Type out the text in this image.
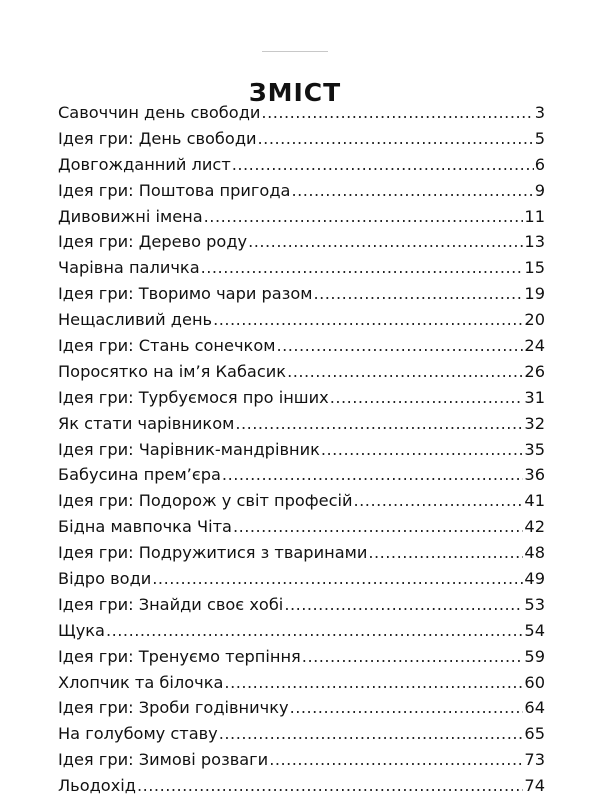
ЗМІСТ
Савоччин день свободи .....	3
Ідея гри: День свободи .....	5
Довгожданний лист .....	6
Ідея гри: Поштова пригода .....	9
Дивовижні імена .....	11
Ідея гри: Дерево роду .....	13
Чарівна паличка .....	15
Ідея гри: Творимо чари разом .....	19
Нещасливий день .....	20
Ідея гри: Стань сонечком .....	24
Поросятко на ім’я Кабасик .....	26
Ідея гри: Турбуємося про інших .....	31
Як стати чарівником .....	32
Ідея гри: Чарівник-мандрівник .....	35
Бабусина прем’єра .....	36
Ідея гри: Подорож у світ професій .....	41
Бідна мавпочка Чіта .....	42
Ідея гри: Подружитися з тваринами .....	48
Відро води .....	49
Ідея гри: Знайди своє хобі .....	53
Щука .....	54
Ідея гри: Тренуємо терпіння .....	59
Хлопчик та білочка .....	60
Ідея гри: Зроби годівничку .....	64
На голубому ставу .....	65
Ідея гри: Зимові розваги .....	73
Льодохід .....	74
